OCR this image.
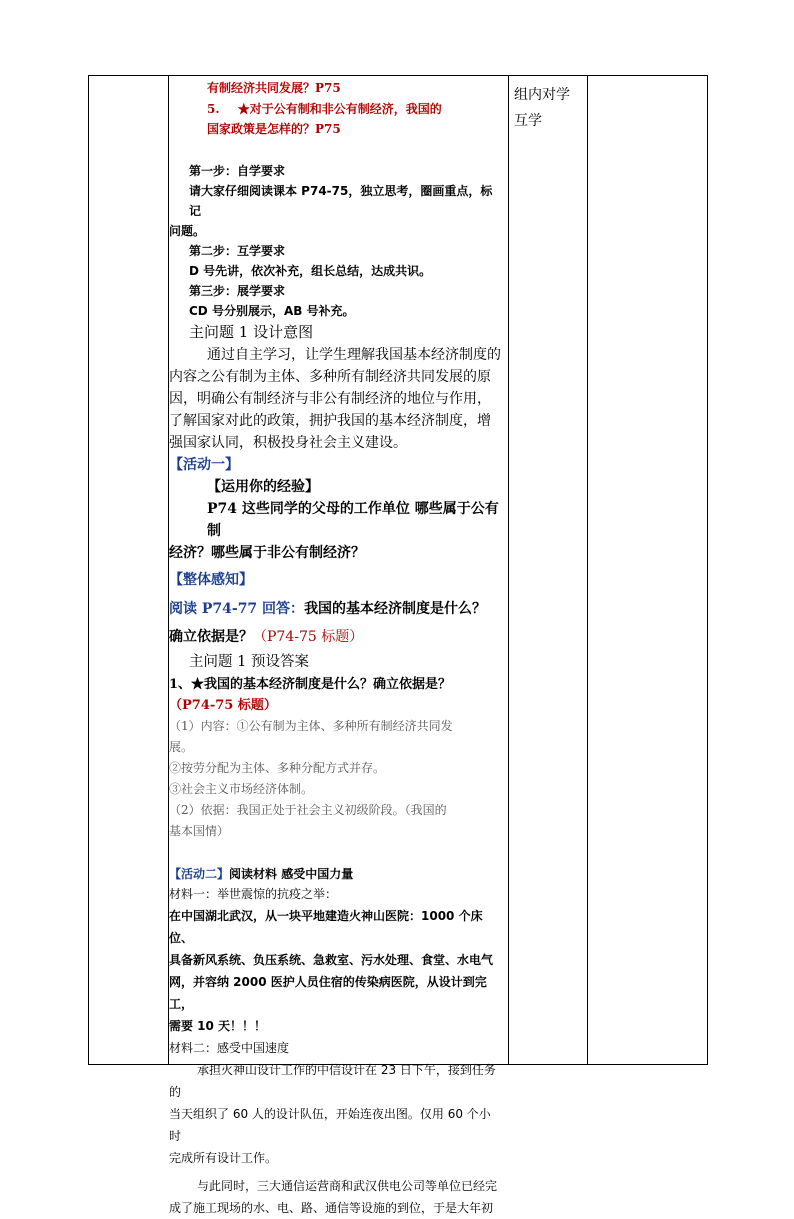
组内对学
互学

有制经济共同发展？P75

5. ★对于公有制和非公有制经济，我国的

国家政策是怎样的？P75

第一步：自学要求

请大家仔细阅读课本 P74-75，独立思考，圈画重点，标记

问题。

第二步：互学要求

D 号先讲，依次补充，组长总结，达成共识。

第三步：展学要求

CD 号分别展示，AB 号补充。

主问题 1 设计意图

通过自主学习，让学生理解我国基本经济制度的

内容之公有制为主体、多种所有制经济共同发展的原

因，明确公有制经济与非公有制经济的地位与作用，

了解国家对此的政策，拥护我国的基本经济制度，增

强国家认同，积极投身社会主义建设。

【活动一】

【运用你的经验】

P74 这些同学的父母的工作单位 哪些属于公有制

经济？哪些属于非公有制经济？

【整体感知】

阅读 P74-77 回答：我国的基本经济制度是什么？

确立依据是？（P74-75 标题）

主问题 1 预设答案

1、★我国的基本经济制度是什么？确立依据是？

（P74-75 标题）

（1）内容：①公有制为主体、多种所有制经济共同发

展。

②按劳分配为主体、多种分配方式并存。

③社会主义市场经济体制。

（2）依据：我国正处于社会主义初级阶段。（我国的

基本国情）

【活动二】阅读材料 感受中国力量

材料一：举世震惊的抗疫之举：

在中国湖北武汉，从一块平地建造火神山医院：1000 个床位、

具备新风系统、负压系统、急救室、污水处理、食堂、水电气

网，并容纳 2000 医护人员住宿的传染病医院，从设计到完工，

需要 10 天！！！

材料二：感受中国速度

承担火神山设计工作的中信设计在 23 日下午，接到任务的

当天组织了 60 人的设计队伍，开始连夜出图。仅用 60 个小时

完成所有设计工作。

与此同时，三大通信运营商和武汉供电公司等单位已经完

成了施工现场的水、电、路、通信等设施的到位，于是大年初
